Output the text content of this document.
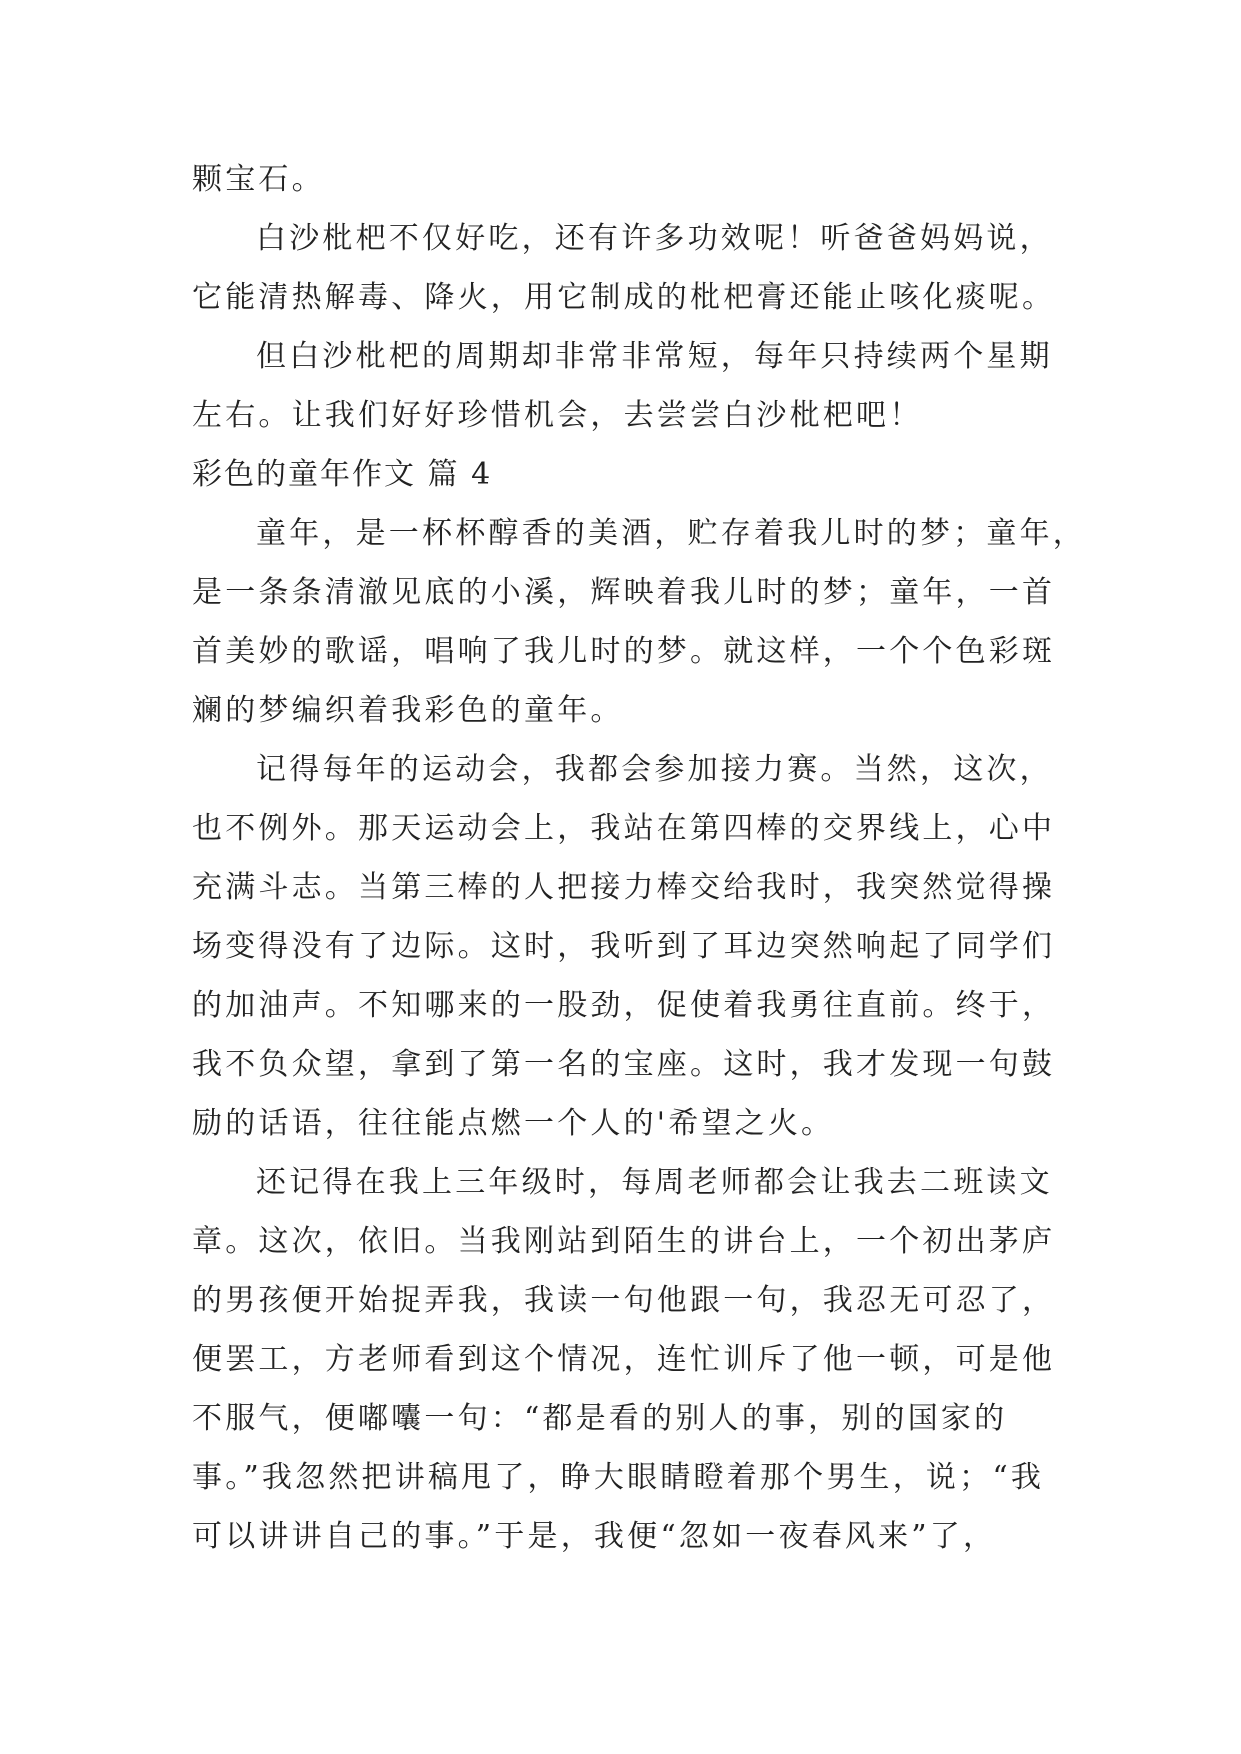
颗宝石。
白沙枇杷不仅好吃，还有许多功效呢！听爸爸妈妈说，
它能清热解毒、降火，用它制成的枇杷膏还能止咳化痰呢。
但白沙枇杷的周期却非常非常短，每年只持续两个星期
左右。让我们好好珍惜机会，去尝尝白沙枇杷吧！
彩色的童年作文 篇 4
童年，是一杯杯醇香的美酒，贮存着我儿时的梦；童年，
是一条条清澈见底的小溪，辉映着我儿时的梦；童年，一首
首美妙的歌谣，唱响了我儿时的梦。就这样，一个个色彩斑
斓的梦编织着我彩色的童年。
记得每年的运动会，我都会参加接力赛。当然，这次，
也不例外。那天运动会上，我站在第四棒的交界线上，心中
充满斗志。当第三棒的人把接力棒交给我时，我突然觉得操
场变得没有了边际。这时，我听到了耳边突然响起了同学们
的加油声。不知哪来的一股劲，促使着我勇往直前。终于，
我不负众望，拿到了第一名的宝座。这时，我才发现一句鼓
励的话语，往往能点燃一个人的'希望之火。
还记得在我上三年级时，每周老师都会让我去二班读文
章。这次，依旧。当我刚站到陌生的讲台上，一个初出茅庐
的男孩便开始捉弄我，我读一句他跟一句，我忍无可忍了，
便罢工，方老师看到这个情况，连忙训斥了他一顿，可是他
不服气，便嘟囔一句：“都是看的别人的事，别的国家的
事。”我忽然把讲稿甩了，睁大眼睛瞪着那个男生，说；“我
可以讲讲自己的事。”于是，我便“忽如一夜春风来”了，
